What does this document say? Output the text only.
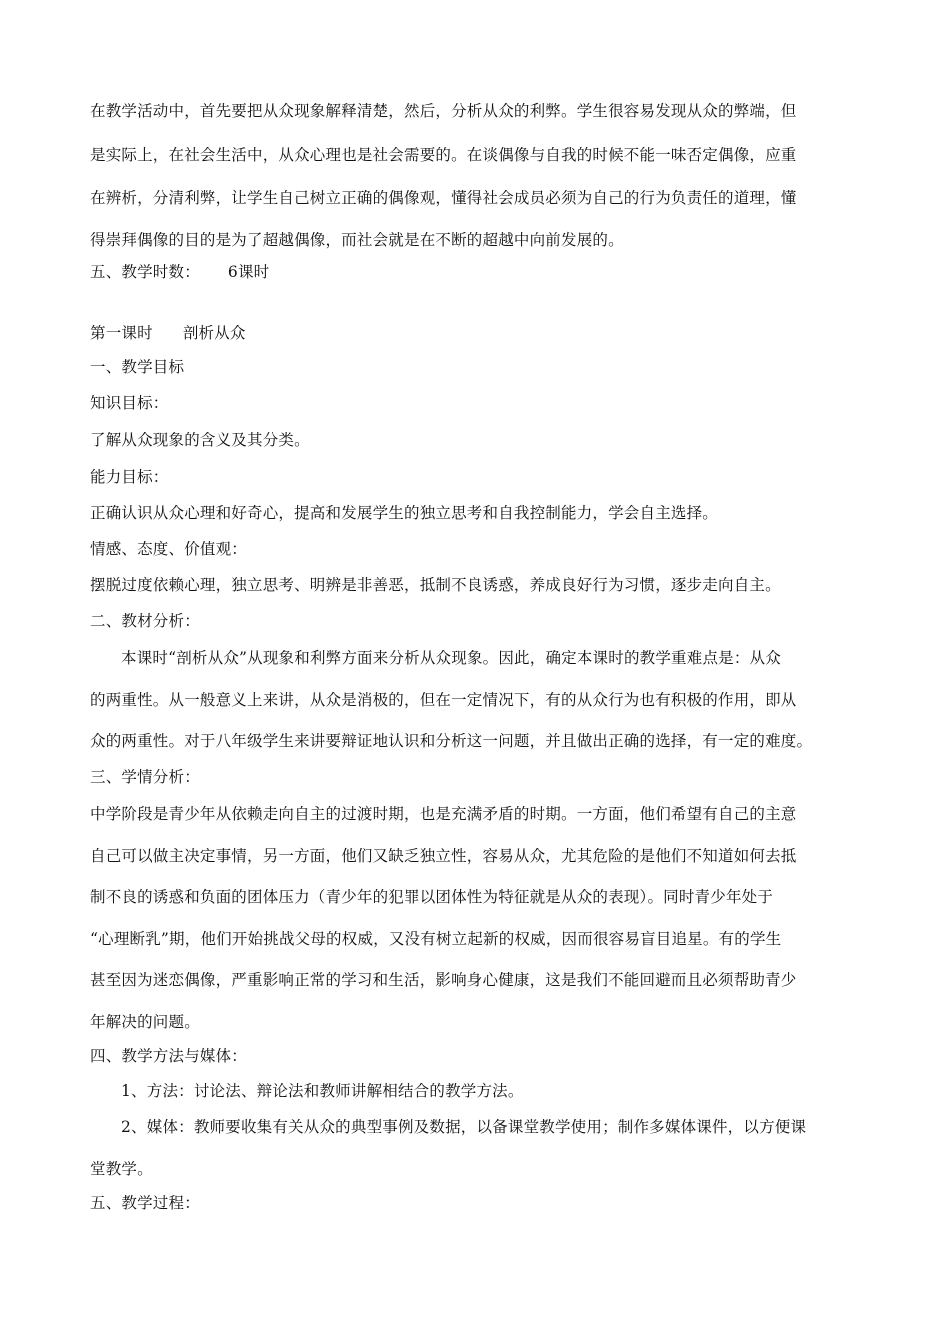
在教学活动中，首先要把从众现象解释清楚，然后，分析从众的利弊。学生很容易发现从众的弊端，但
是实际上，在社会生活中，从众心理也是社会需要的。在谈偶像与自我的时候不能一味否定偶像，应重
在辨析，分清利弊，让学生自己树立正确的偶像观，懂得社会成员必须为自己的行为负责任的道理，懂
得崇拜偶像的目的是为了超越偶像，而社会就是在不断的超越中向前发展的。
五、教学时数： 6课时
第一课时 剖析从众
一、教学目标
知识目标：
了解从众现象的含义及其分类。
能力目标：
正确认识从众心理和好奇心，提高和发展学生的独立思考和自我控制能力，学会自主选择。
情感、态度、价值观：
摆脱过度依赖心理，独立思考、明辨是非善恶，抵制不良诱惑，养成良好行为习惯，逐步走向自主。
二、教材分析：
本课时“剖析从众”从现象和利弊方面来分析从众现象。因此，确定本课时的教学重难点是：从众
的两重性。从一般意义上来讲，从众是消极的，但在一定情况下，有的从众行为也有积极的作用，即从
众的两重性。对于八年级学生来讲要辩证地认识和分析这一问题，并且做出正确的选择，有一定的难度。
三、学情分析：
中学阶段是青少年从依赖走向自主的过渡时期，也是充满矛盾的时期。一方面，他们希望有自己的主意
自己可以做主决定事情，另一方面，他们又缺乏独立性，容易从众，尤其危险的是他们不知道如何去抵
制不良的诱惑和负面的团体压力（青少年的犯罪以团体性为特征就是从众的表现）。同时青少年处于
“心理断乳”期，他们开始挑战父母的权威，又没有树立起新的权威，因而很容易盲目追星。有的学生
甚至因为迷恋偶像，严重影响正常的学习和生活，影响身心健康，这是我们不能回避而且必须帮助青少
年解决的问题。
四、教学方法与媒体：
1、方法：讨论法、辩论法和教师讲解相结合的教学方法。
2、媒体：教师要收集有关从众的典型事例及数据，以备课堂教学使用；制作多媒体课件，以方便课
堂教学。
五、教学过程：
